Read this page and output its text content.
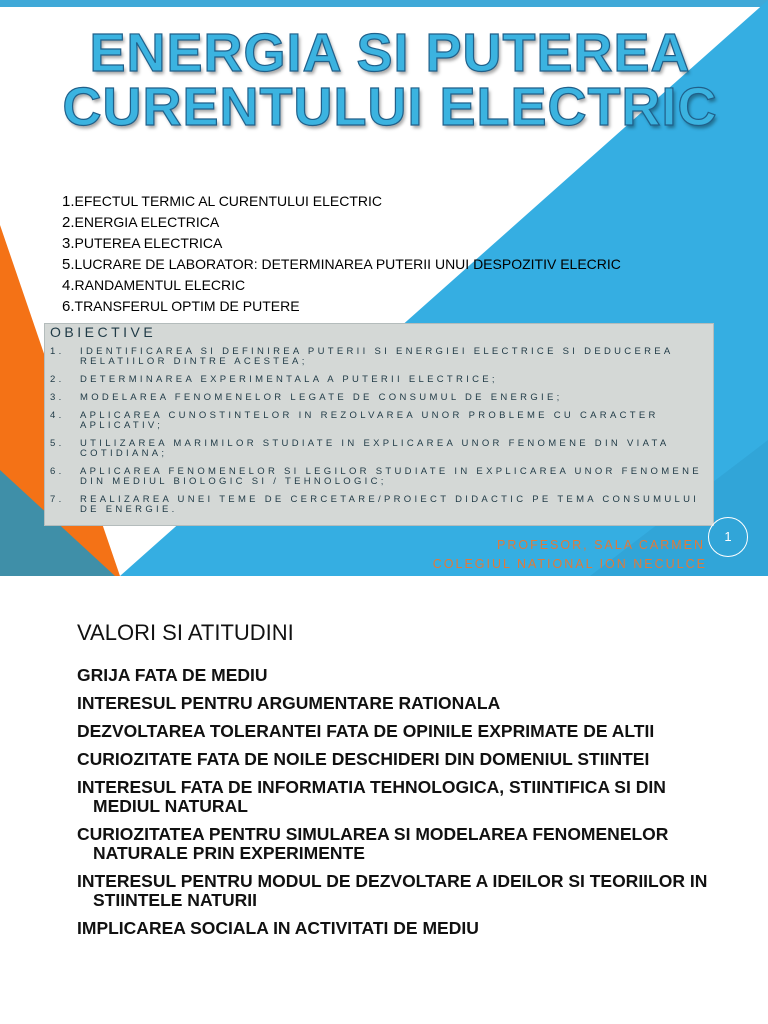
ENERGIA SI PUTEREA
CURENTULUI ELECTRIC
1.EFECTUL TERMIC AL CURENTULUI ELECTRIC
2.ENERGIA ELECTRICA
3.PUTEREA ELECTRICA
5.LUCRARE DE LABORATOR: DETERMINAREA PUTERII UNUI DESPOZITIV ELECRIC
4.RANDAMENTUL ELECRIC
6.TRANSFERUL OPTIM DE PUTERE
OBIECTIVE
1. IDENTIFICAREA SI DEFINIREA PUTERII SI ENERGIEI ELECTRICE SI DEDUCEREA RELATIILOR DINTRE ACESTEA;
2. DETERMINAREA EXPERIMENTALA A PUTERII ELECTRICE;
3. MODELAREA FENOMENELOR LEGATE DE CONSUMUL DE ENERGIE;
4. APLICAREA CUNOSTINTELOR IN REZOLVAREA UNOR PROBLEME CU CARACTER APLICATIV;
5. UTILIZAREA MARIMILOR STUDIATE IN EXPLICAREA UNOR FENOMENE DIN VIATA COTIDIANA;
6. APLICAREA FENOMENELOR SI LEGILOR STUDIATE IN EXPLICAREA UNOR FENOMENE DIN MEDIUL BIOLOGIC SI / TEHNOLOGIC;
7. REALIZAREA UNEI TEME DE CERCETARE/PROIECT DIDACTIC PE TEMA CONSUMULUI DE ENERGIE.
PROFESOR, SALA CARMEN
COLEGIUL NATIONAL ION NECULCE
1
VALORI SI ATITUDINI
GRIJA FATA DE MEDIU
INTERESUL PENTRU ARGUMENTARE RATIONALA
DEZVOLTAREA TOLERANTEI FATA DE OPINILE EXPRIMATE DE ALTII
CURIOZITATE FATA DE NOILE DESCHIDERI DIN DOMENIUL STIINTEI
INTERESUL FATA DE INFORMATIA TEHNOLOGICA, STIINTIFICA SI DIN MEDIUL NATURAL
CURIOZITATEA PENTRU SIMULAREA SI MODELAREA FENOMENELOR NATURALE PRIN EXPERIMENTE
INTERESUL PENTRU MODUL DE DEZVOLTARE A IDEILOR SI TEORIILOR IN STIINTELE NATURII
IMPLICAREA SOCIALA IN ACTIVITATI DE MEDIU
